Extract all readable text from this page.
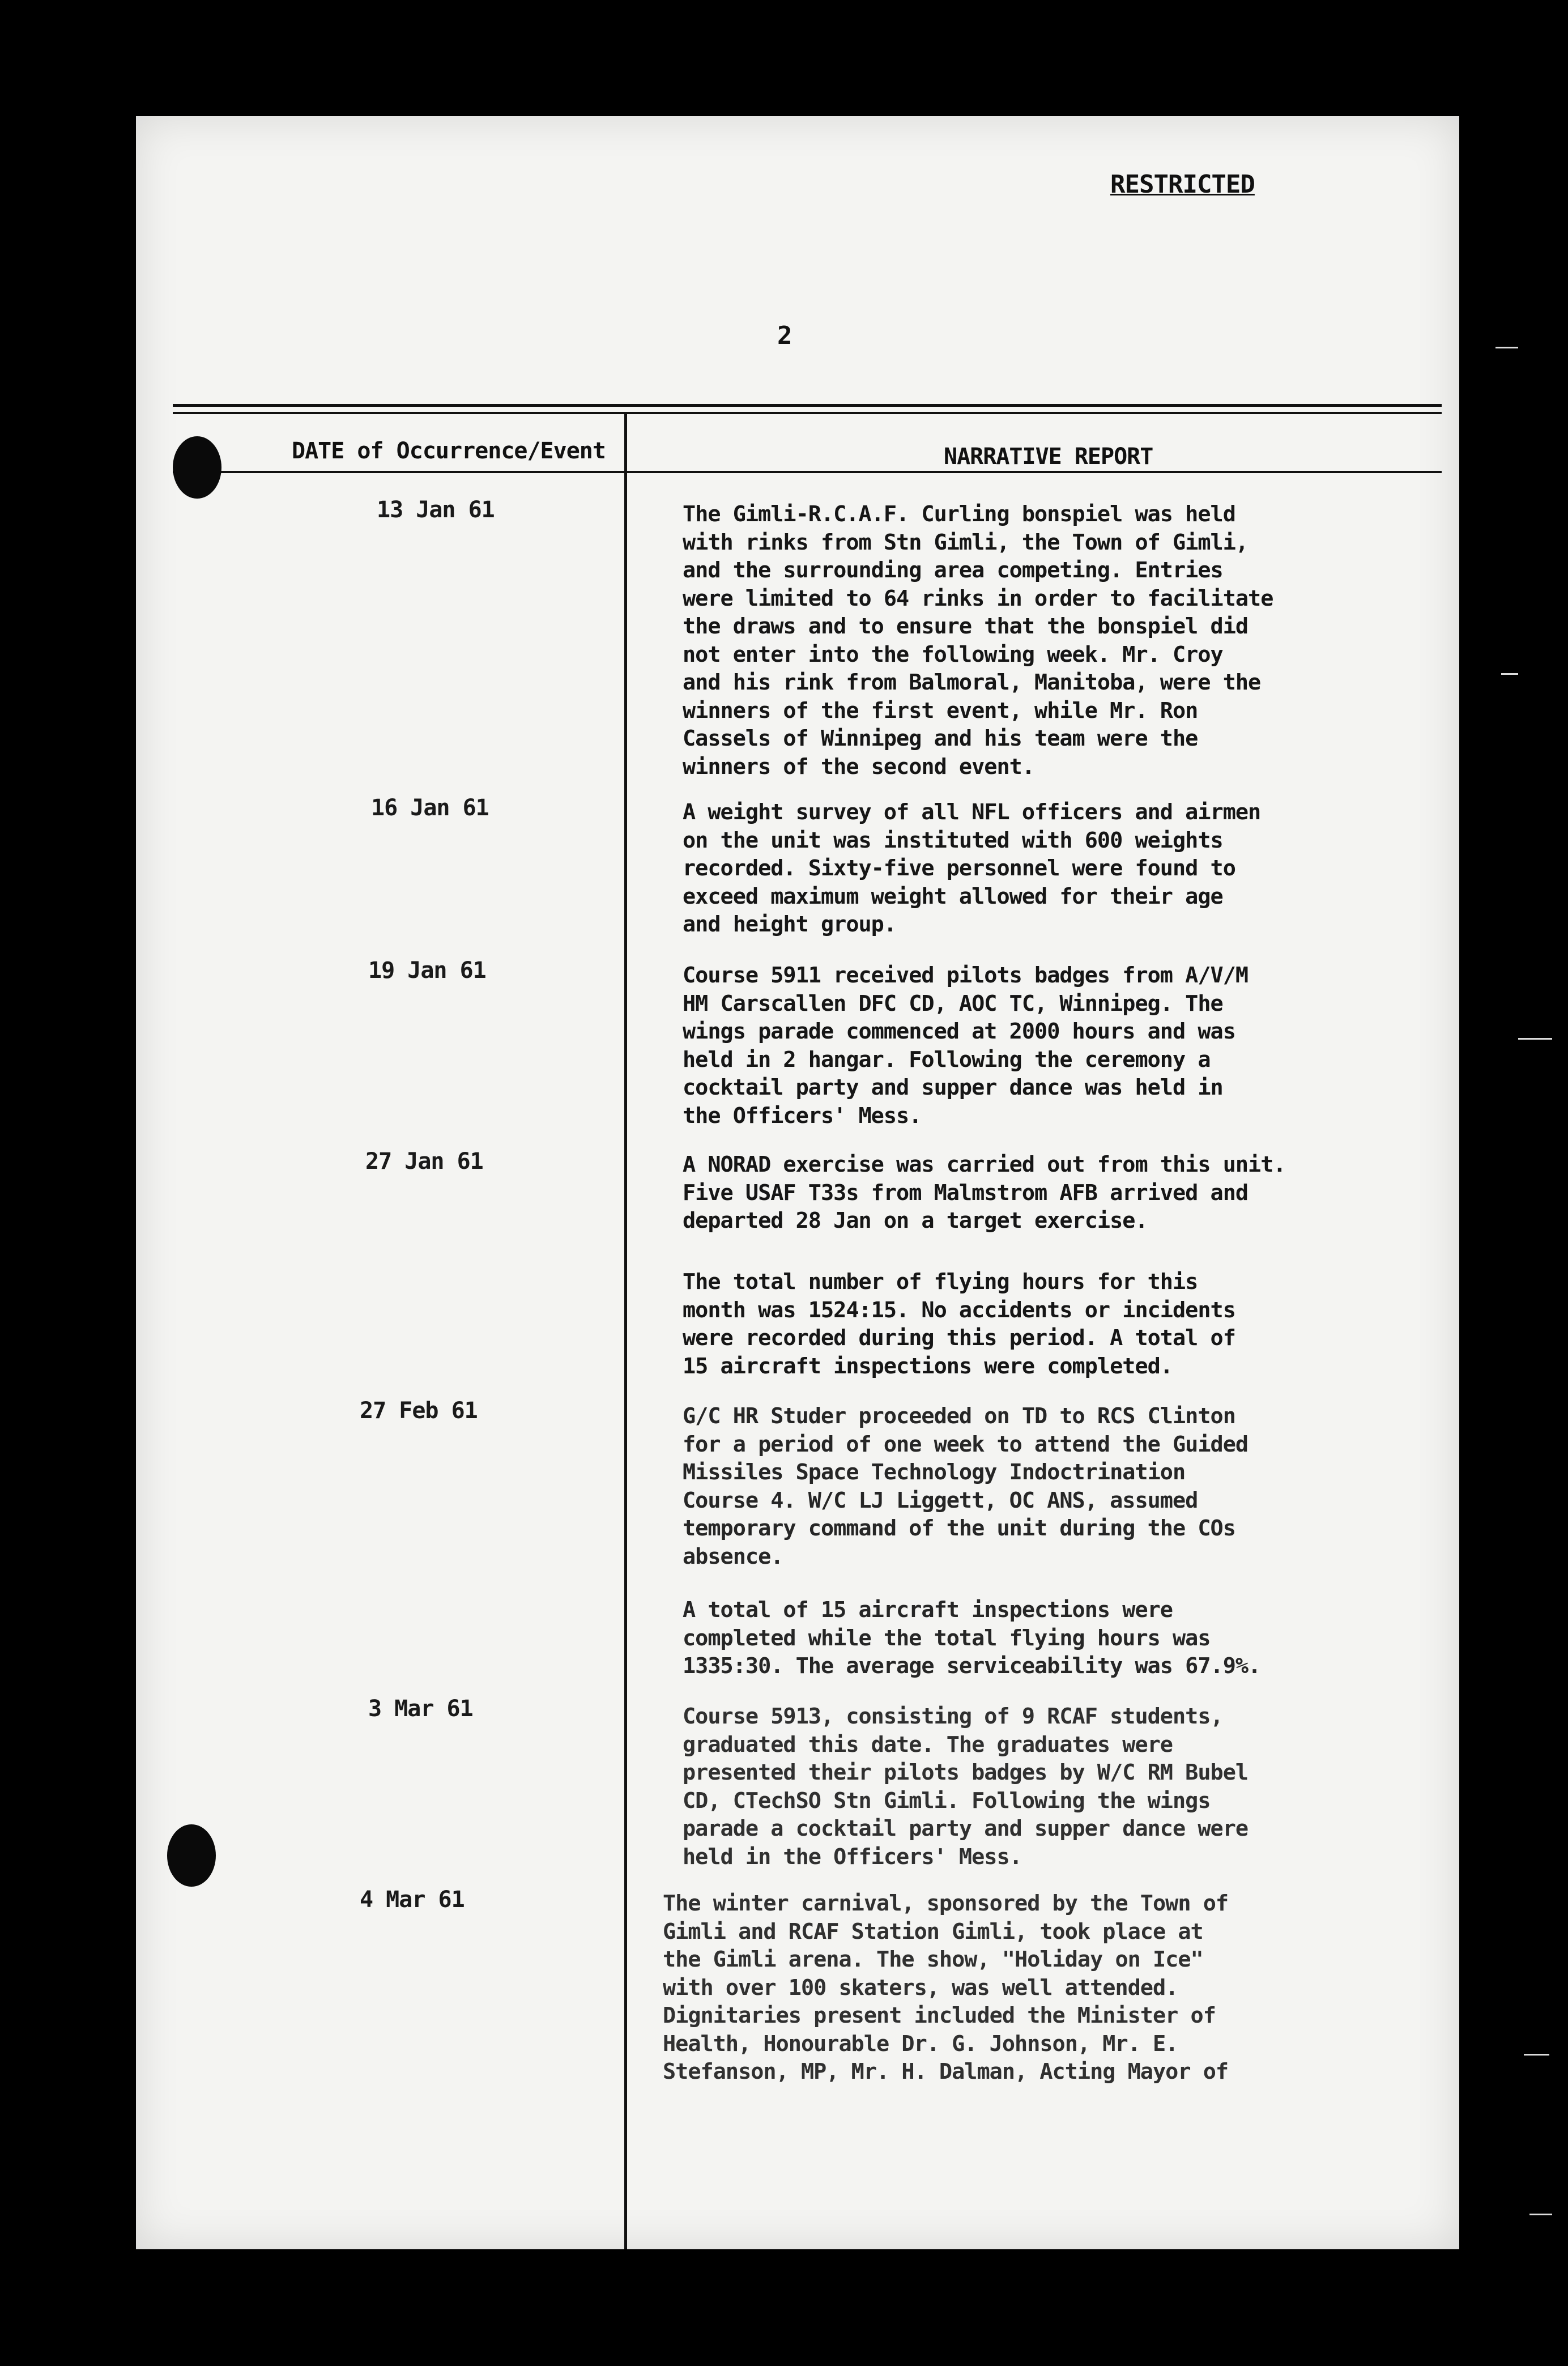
RESTRICTED
2
DATE of Occurrence/Event	NARRATIVE REPORT
13 Jan 61	The Gimli-R.C.A.F. Curling bonspiel was held
with rinks from Stn Gimli, the Town of Gimli,
and the surrounding area competing. Entries
were limited to 64 rinks in order to facilitate
the draws and to ensure that the bonspiel did
not enter into the following week. Mr. Croy
and his rink from Balmoral, Manitoba, were the
winners of the first event, while Mr. Ron
Cassels of Winnipeg and his team were the
winners of the second event.
16 Jan 61	A weight survey of all NFL officers and airmen
on the unit was instituted with 600 weights
recorded. Sixty-five personnel were found to
exceed maximum weight allowed for their age
and height group.
19 Jan 61	Course 5911 received pilots badges from A/V/M
HM Carscallen DFC CD, AOC TC, Winnipeg. The
wings parade commenced at 2000 hours and was
held in 2 hangar. Following the ceremony a
cocktail party and supper dance was held in
the Officers' Mess.
27 Jan 61	A NORAD exercise was carried out from this unit.
Five USAF T33s from Malmstrom AFB arrived and
departed 28 Jan on a target exercise.
The total number of flying hours for this
month was 1524:15. No accidents or incidents
were recorded during this period. A total of
15 aircraft inspections were completed.
27 Feb 61	G/C HR Studer proceeded on TD to RCS Clinton
for a period of one week to attend the Guided
Missiles Space Technology Indoctrination
Course 4. W/C LJ Liggett, OC ANS, assumed
temporary command of the unit during the COs
absence.
A total of 15 aircraft inspections were
completed while the total flying hours was
1335:30. The average serviceability was 67.9%.
3 Mar 61	Course 5913, consisting of 9 RCAF students,
graduated this date. The graduates were
presented their pilots badges by W/C RM Bubel
CD, CTechSO Stn Gimli. Following the wings
parade a cocktail party and supper dance were
held in the Officers' Mess.
4 Mar 61	The winter carnival, sponsored by the Town of
Gimli and RCAF Station Gimli, took place at
the Gimli arena. The show, "Holiday on Ice"
with over 100 skaters, was well attended.
Dignitaries present included the Minister of
Health, Honourable Dr. G. Johnson, Mr. E.
Stefanson, MP, Mr. H. Dalman, Acting Mayor of
